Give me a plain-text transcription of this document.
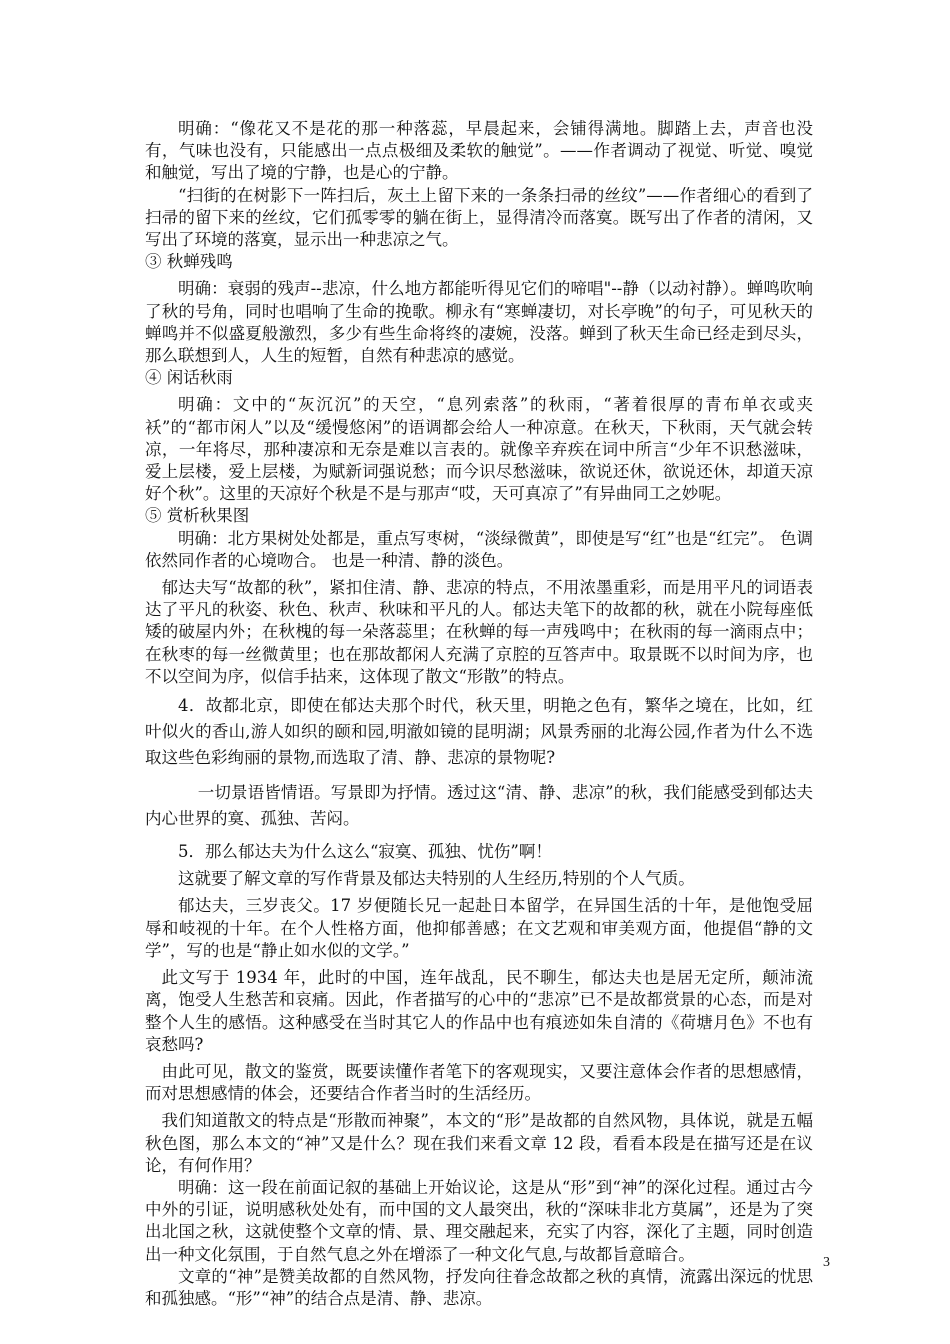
明确：“像花又不是花的那一种落蕊，早晨起来，会铺得满地。脚踏上去，声音也没有，气味也没有，只能感出一点点极细及柔软的触觉”。——作者调动了视觉、听觉、嗅觉和触觉，写出了境的宁静，也是心的宁静。

“扫街的在树影下一阵扫后，灰土上留下来的一条条扫帚的丝纹”——作者细心的看到了扫帚的留下来的丝纹，它们孤零零的躺在街上，显得清冷而落寞。既写出了作者的清闲，又写出了环境的落寞，显示出一种悲凉之气。

③ 秋蝉残鸣

明确：衰弱的残声--悲凉，什么地方都能听得见它们的啼唱"--静（以动衬静）。蝉鸣吹响了秋的号角，同时也唱响了生命的挽歌。柳永有“寒蝉凄切，对长亭晚”的句子，可见秋天的蝉鸣并不似盛夏般激烈，多少有些生命将终的凄婉，没落。蝉到了秋天生命已经走到尽头，那么联想到人，人生的短暂，自然有种悲凉的感觉。

④ 闲话秋雨

明确：文中的“灰沉沉”的天空，“息列索落”的秋雨，“著着很厚的青布单衣或夹袄”的“都市闲人”以及“缓慢悠闲”的语调都会给人一种凉意。在秋天，下秋雨，天气就会转凉，一年将尽，那种凄凉和无奈是难以言表的。就像辛弃疾在词中所言“少年不识愁滋味，爱上层楼，爱上层楼，为赋新词强说愁；而今识尽愁滋味，欲说还休，欲说还休，却道天凉好个秋”。这里的天凉好个秋是不是与那声“哎，天可真凉了”有异曲同工之妙呢。

⑤ 赏析秋果图

明确：北方果树处处都是，重点写枣树，“淡绿微黄”，即使是写“红”也是“红完”。 色调依然同作者的心境吻合。 也是一种清、静的淡色。

郁达夫写“故都的秋”，紧扣住清、静、悲凉的特点，不用浓墨重彩，而是用平凡的词语表达了平凡的秋姿、秋色、秋声、秋味和平凡的人。郁达夫笔下的故都的秋，就在小院每座低矮的破屋内外；在秋槐的每一朵落蕊里；在秋蝉的每一声残鸣中；在秋雨的每一滴雨点中；在秋枣的每一丝微黄里；也在那故都闲人充满了京腔的互答声中。取景既不以时间为序，也不以空间为序，似信手拈来，这体现了散文“形散”的特点。

4．故都北京，即使在郁达夫那个时代，秋天里，明艳之色有，繁华之境在，比如，红叶似火的香山,游人如织的颐和园,明澈如镜的昆明湖；风景秀丽的北海公园,作者为什么不选取这些色彩绚丽的景物,而选取了清、静、悲凉的景物呢?

一切景语皆情语。写景即为抒情。透过这“清、静、悲凉”的秋，我们能感受到郁达夫内心世界的寞、孤独、苦闷。

5．那么郁达夫为什么这么“寂寞、孤独、忧伤”啊！

这就要了解文章的写作背景及郁达夫特别的人生经历,特别的个人气质。

郁达夫，三岁丧父。17 岁便随长兄一起赴日本留学，在异国生活的十年，是他饱受屈辱和岐视的十年。在个人性格方面，他抑郁善感；在文艺观和审美观方面，他提倡“静的文学”，写的也是“静止如水似的文学。”

此文写于 1934 年，此时的中国，连年战乱，民不聊生，郁达夫也是居无定所，颠沛流离，饱受人生愁苦和哀痛。因此，作者描写的心中的“悲凉”已不是故都赏景的心态，而是对整个人生的感悟。这种感受在当时其它人的作品中也有痕迹如朱自清的《荷塘月色》不也有哀愁吗?

由此可见，散文的鉴赏，既要读懂作者笔下的客观现实，又要注意体会作者的思想感情，而对思想感情的体会，还要结合作者当时的生活经历。

我们知道散文的特点是“形散而神聚”，本文的“形”是故都的自然风物，具体说，就是五幅秋色图，那么本文的“神”又是什么？现在我们来看文章 12 段，看看本段是在描写还是在议论，有何作用？

明确：这一段在前面记叙的基础上开始议论，这是从“形”到“神”的深化过程。通过古今中外的引证，说明感秋处处有，而中国的文人最突出，秋的“深味非北方莫属”，还是为了突出北国之秋，这就使整个文章的情、景、理交融起来，充实了内容，深化了主题，同时创造出一种文化氛围，于自然气息之外在增添了一种文化气息,与故都旨意暗合。

文章的“神”是赞美故都的自然风物，抒发向往眷念故都之秋的真情，流露出深远的忧思和孤独感。“形”“神”的结合点是清、静、悲凉。

3
